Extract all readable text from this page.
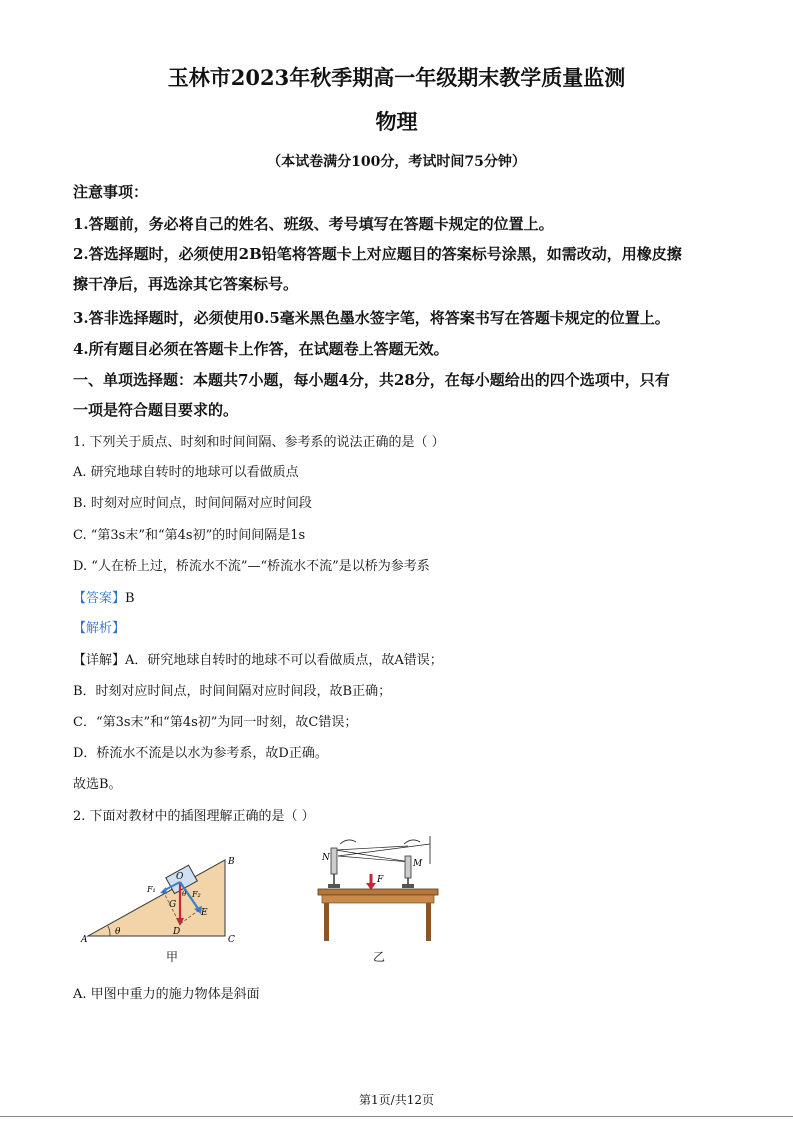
玉林市2023年秋季期高一年级期末教学质量监测
物理
（本试卷满分100分，考试时间75分钟）
注意事项：
1.答题前，务必将自己的姓名、班级、考号填写在答题卡规定的位置上。
2.答选择题时，必须使用2B铅笔将答题卡上对应题目的答案标号涂黑，如需改动，用橡皮擦
擦干净后，再选涂其它答案标号。
3.答非选择题时，必须使用0.5毫米黑色墨水签字笔，将答案书写在答题卡规定的位置上。
4.所有题目必须在答题卡上作答，在试题卷上答题无效。
一、单项选择题：本题共7小题，每小题4分，共28分，在每小题给出的四个选项中，只有
一项是符合题目要求的。
1. 下列关于质点、时刻和时间间隔、参考系的说法正确的是（ ）
A. 研究地球自转时的地球可以看做质点
B. 时刻对应时间点，时间间隔对应时间段
C. “第3s末”和“第4s初”的时间间隔是1s
D. “人在桥上过，桥流水不流”—“桥流水不流”是以桥为参考系
【答案】B
【解析】
【详解】A．研究地球自转时的地球不可以看做质点，故A错误；
B．时刻对应时间点，时间间隔对应时间段，故B正确；
C．“第3s末”和“第4s初”为同一时刻，故C错误；
D．桥流水不流是以水为参考系，故D正确。
故选B。
2. 下面对教材中的插图理解正确的是（ ）
B
A
θ	D
C
O
F₁
F₂
G
E
θ
甲
N
M
F
乙
A. 甲图中重力的施力物体是斜面
第1页/共12页
